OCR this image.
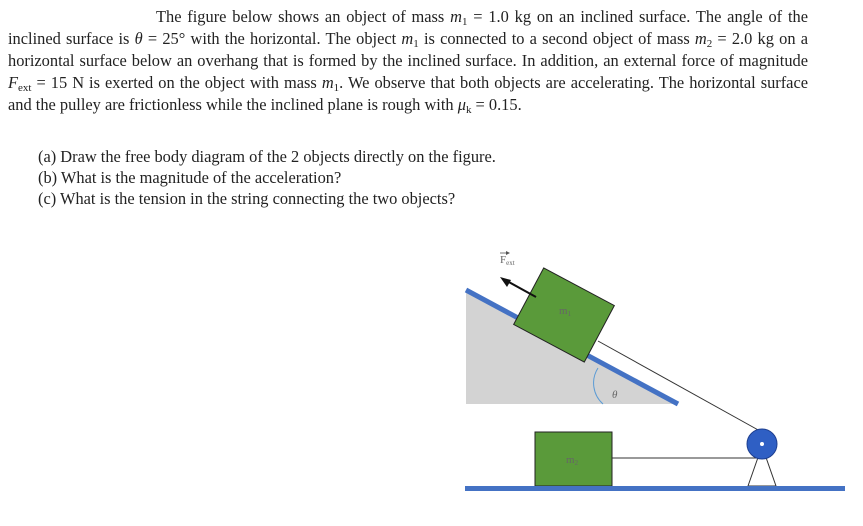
The figure below shows an object of mass $m_1 = 1.0$ kg on an inclined surface. The angle of the inclined surface is θ = 25° with the horizontal. The object $m_1$ is connected to a second object of mass $m_2 = 2.0$ kg on a horizontal surface below an overhang that is formed by the inclined surface. In addition, an external force of magnitude $F_{ext} = 15$ N is exerted on the object with mass $m_1$. We observe that both objects are accelerating. The horizontal surface and the pulley are frictionless while the inclined plane is rough with $\mu_k = 0.15$.

(a) Draw the free body diagram of the 2 objects directly on the figure.
(b) What is the magnitude of the acceleration?
(c) What is the tension in the string connecting the two objects?
θ
m1
Fext
m2
